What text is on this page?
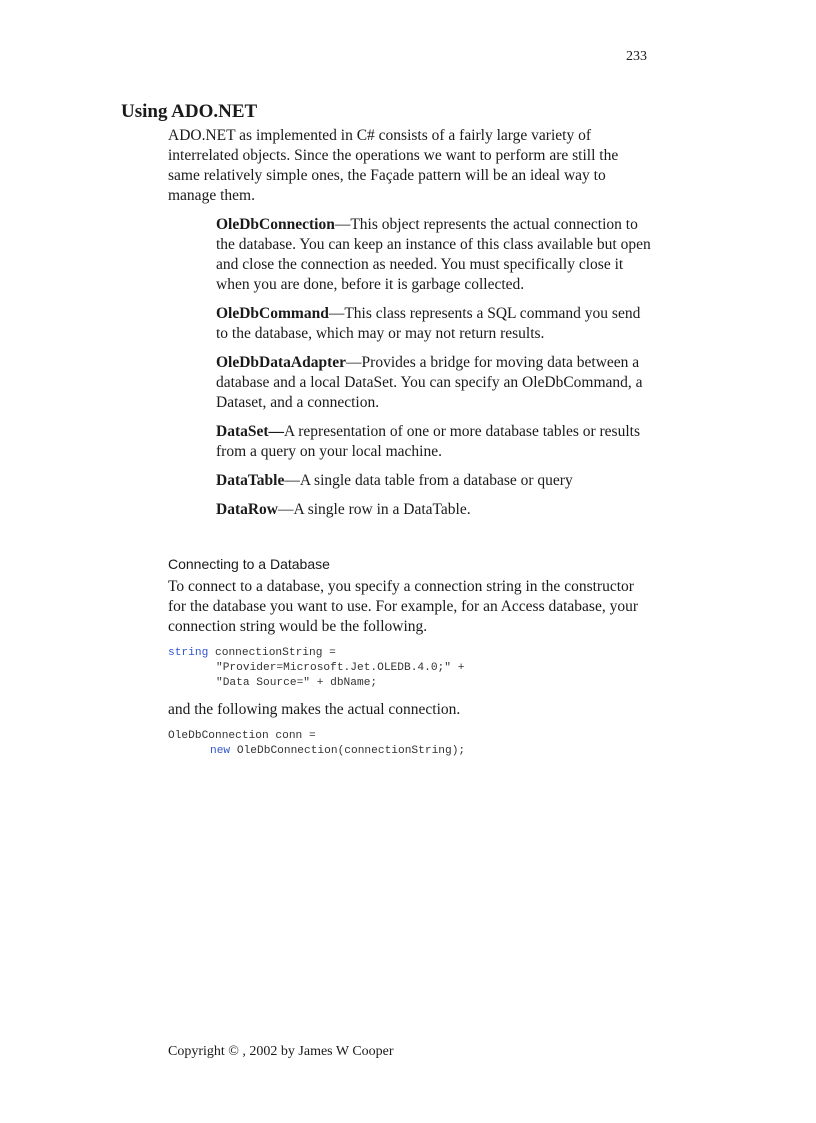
233
Using ADO.NET

ADO.NET as implemented in C# consists of a fairly large variety of interrelated objects. Since the operations we want to perform are still the same relatively simple ones, the Façade pattern will be an ideal way to manage them.

OleDbConnection—This object represents the actual connection to the database. You can keep an instance of this class available but open and close the connection as needed. You must specifically close it when you are done, before it is garbage collected.
OleDbCommand—This class represents a SQL command you send to the database, which may or may not return results.
OleDbDataAdapter—Provides a bridge for moving data between a database and a local DataSet. You can specify an OleDbCommand, a Dataset, and a connection.
DataSet—A representation of one or more database tables or results from a query on your local machine.
DataTable—A single data table from a database or query
DataRow—A single row in a DataTable.
Connecting to a Database

To connect to a database, you specify a connection string in the constructor for the database you want to use. For example, for an Access database, your connection string would be the following.

string connectionString =
"Provider=Microsoft.Jet.OLEDB.4.0;" +
"Data Source=" + dbName;

and the following makes the actual connection.

OleDbConnection conn =
new OleDbConnection(connectionString);

Copyright © , 2002 by James W Cooper
